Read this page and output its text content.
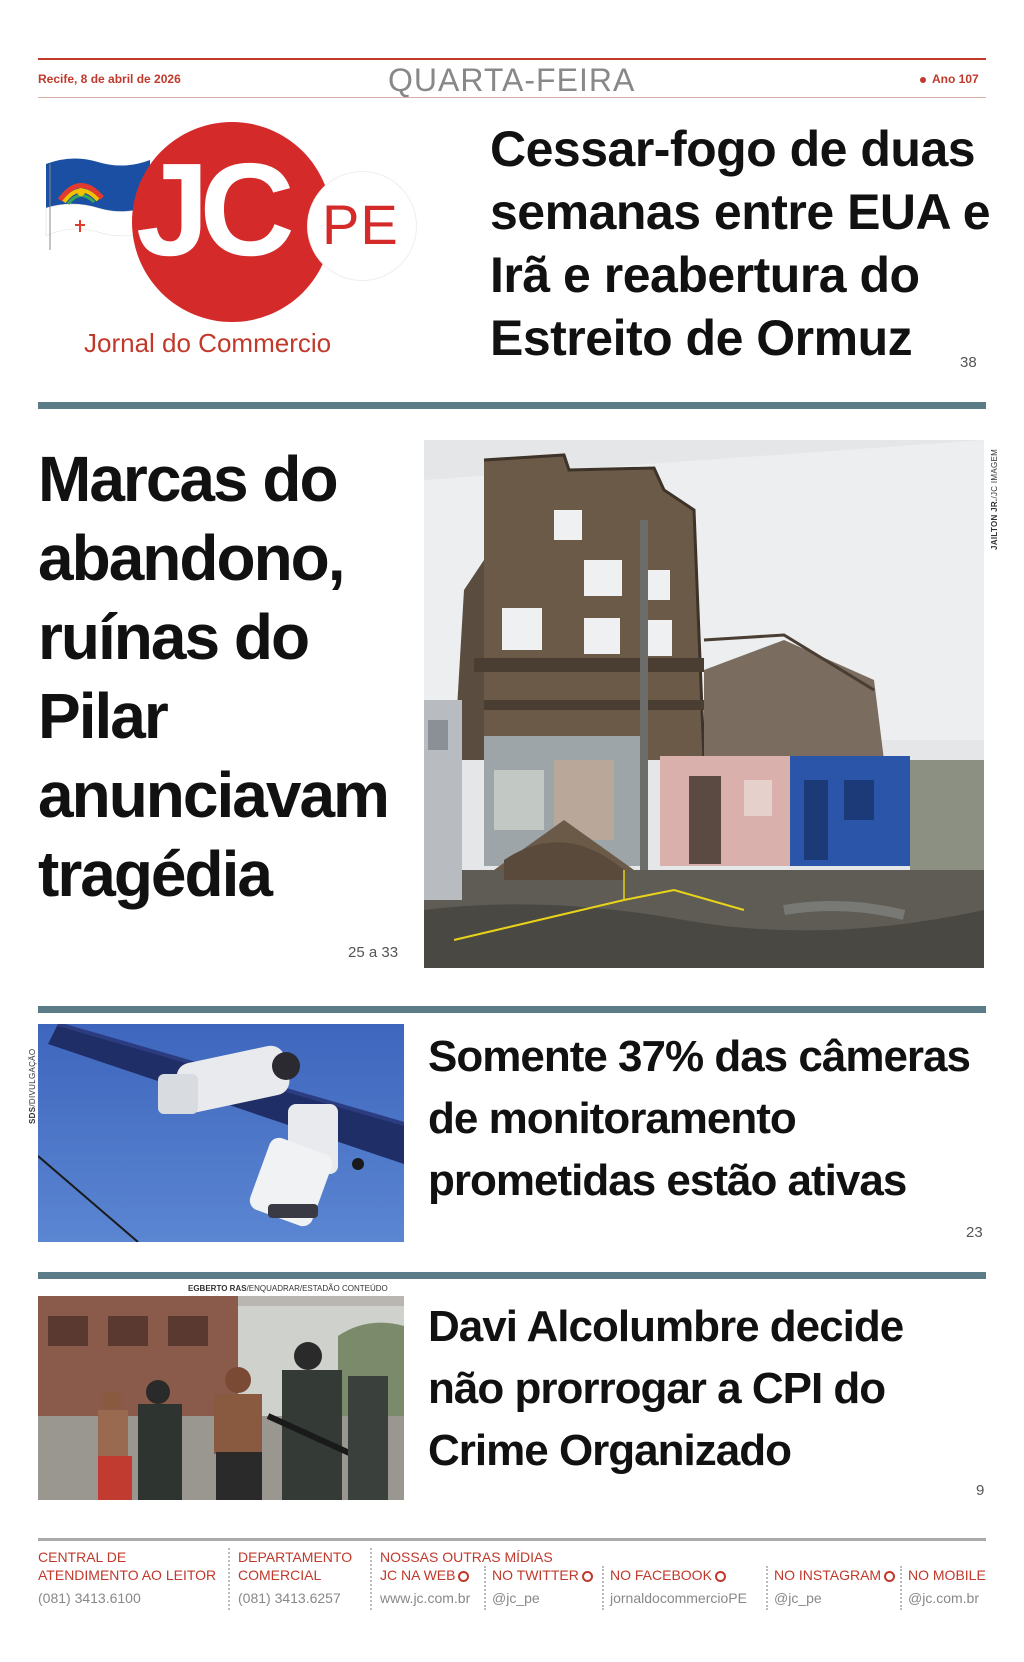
Recife, 8 de abril de 2026	QUARTA-FEIRA	Ano 107
JC PE
Jornal do Commercio
Cessar-fogo de duas semanas entre EUA e Irã e reabertura do Estreito de Ormuz	38
Marcas do abandono, ruínas do Pilar anunciavam tragédia
25 a 33
JAILTON JR./JC IMAGEM
SDS/DIVULGAÇÃO	Somente 37% das câmeras de monitoramento prometidas estão ativas
23
EGBERTO RAS/ENQUADRAR/ESTADÃO CONTEÚDO
Davi Alcolumbre decide não prorrogar a CPI do Crime Organizado
9
CENTRAL DE ATENDIMENTO AO LEITOR
(081) 3413.6100
DEPARTAMENTO COMERCIAL
(081) 3413.6257
NOSSAS OUTRAS MÍDIAS
JC NA WEB
www.jc.com.br
NO TWITTER
@jc_pe
NO FACEBOOK
jornaldocommercioPE
NO INSTAGRAM
@jc_pe
NO MOBILE
@jc.com.br
